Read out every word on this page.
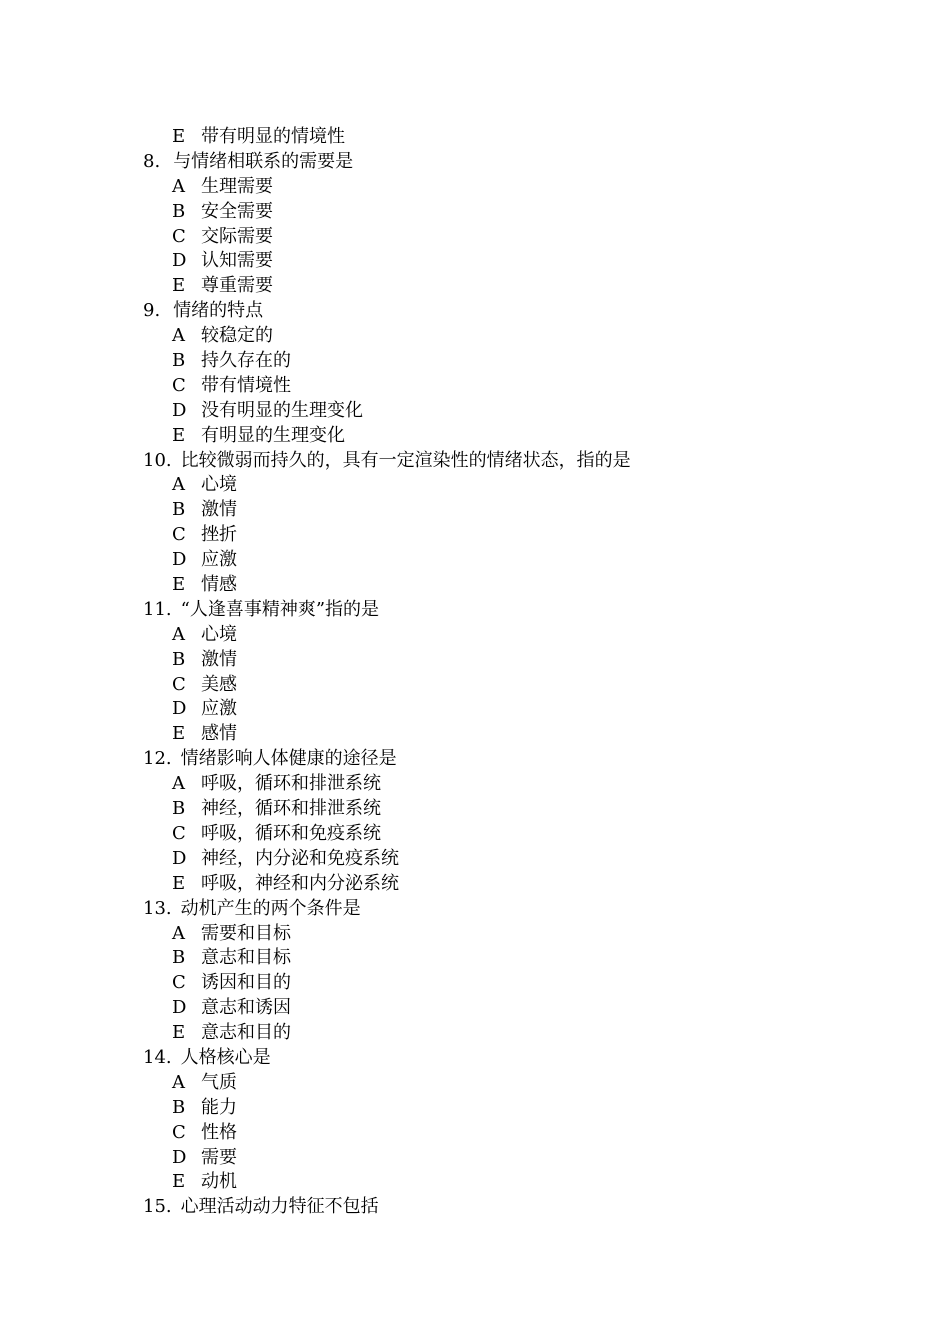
E 带有明显的情境性
8. 与情绪相联系的需要是
A 生理需要
B 安全需要
C 交际需要
D 认知需要
E 尊重需要
9. 情绪的特点
A 较稳定的
B 持久存在的
C 带有情境性
D 没有明显的生理变化
E 有明显的生理变化
10. 比较微弱而持久的，具有一定渲染性的情绪状态，指的是
A 心境
B 激情
C 挫折
D 应激
E 情感
11. “人逢喜事精神爽”指的是
A 心境
B 激情
C 美感
D 应激
E 感情
12. 情绪影响人体健康的途径是
A 呼吸，循环和排泄系统
B 神经，循环和排泄系统
C 呼吸，循环和免疫系统
D 神经，内分泌和免疫系统
E 呼吸，神经和内分泌系统
13. 动机产生的两个条件是
A 需要和目标
B 意志和目标
C 诱因和目的
D 意志和诱因
E 意志和目的
14. 人格核心是
A 气质
B 能力
C 性格
D 需要
E 动机
15. 心理活动动力特征不包括
